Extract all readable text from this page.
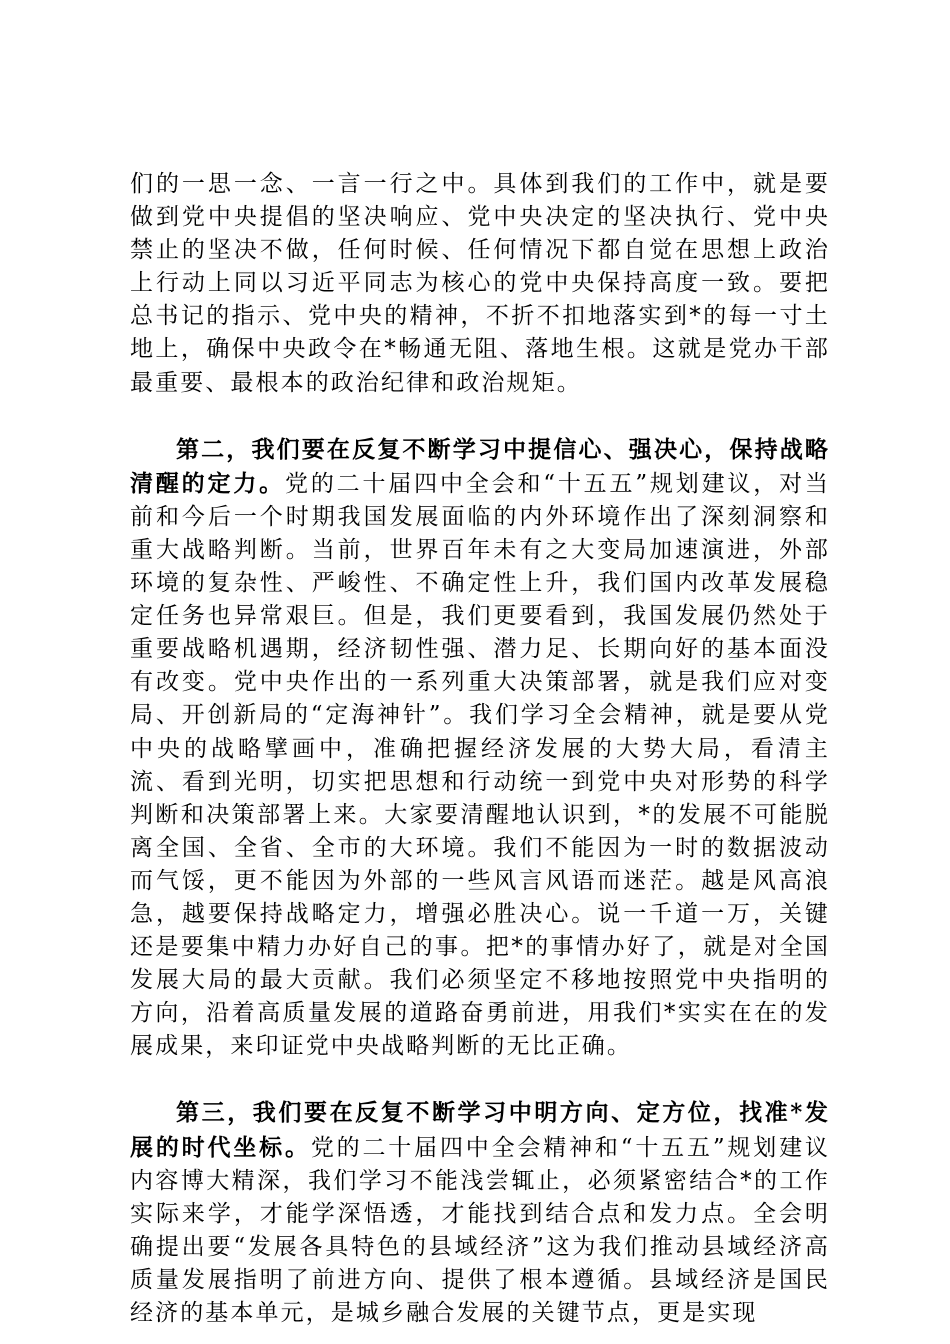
们的一思一念、一言一行之中。具体到我们的工作中，就是要做到党中央提倡的坚决响应、党中央决定的坚决执行、党中央禁止的坚决不做，任何时候、任何情况下都自觉在思想上政治上行动上同以习近平同志为核心的党中央保持高度一致。要把总书记的指示、党中央的精神，不折不扣地落实到*的每一寸土地上，确保中央政令在*畅通无阻、落地生根。这就是党办干部最重要、最根本的政治纪律和政治规矩。

第二，我们要在反复不断学习中提信心、强决心，保持战略清醒的定力。党的二十届四中全会和“十五五”规划建议，对当前和今后一个时期我国发展面临的内外环境作出了深刻洞察和重大战略判断。当前，世界百年未有之大变局加速演进，外部环境的复杂性、严峻性、不确定性上升，我们国内改革发展稳定任务也异常艰巨。但是，我们更要看到，我国发展仍然处于重要战略机遇期，经济韧性强、潜力足、长期向好的基本面没有改变。党中央作出的一系列重大决策部署，就是我们应对变局、开创新局的“定海神针”。我们学习全会精神，就是要从党中央的战略擘画中，准确把握经济发展的大势大局，看清主流、看到光明，切实把思想和行动统一到党中央对形势的科学判断和决策部署上来。大家要清醒地认识到，*的发展不可能脱离全国、全省、全市的大环境。我们不能因为一时的数据波动而气馁，更不能因为外部的一些风言风语而迷茫。越是风高浪急，越要保持战略定力，增强必胜决心。说一千道一万，关键还是要集中精力办好自己的事。把*的事情办好了，就是对全国发展大局的最大贡献。我们必须坚定不移地按照党中央指明的方向，沿着高质量发展的道路奋勇前进，用我们*实实在在的发展成果，来印证党中央战略判断的无比正确。

第三，我们要在反复不断学习中明方向、定方位，找准*发展的时代坐标。党的二十届四中全会精神和“十五五”规划建议内容博大精深，我们学习不能浅尝辄止，必须紧密结合*的工作实际来学，才能学深悟透，才能找到结合点和发力点。全会明确提出要“发展各具特色的县域经济”这为我们推动县域经济高质量发展指明了前进方向、提供了根本遵循。县域经济是国民经济的基本单元，是城乡融合发展的关键节点，更是实现
